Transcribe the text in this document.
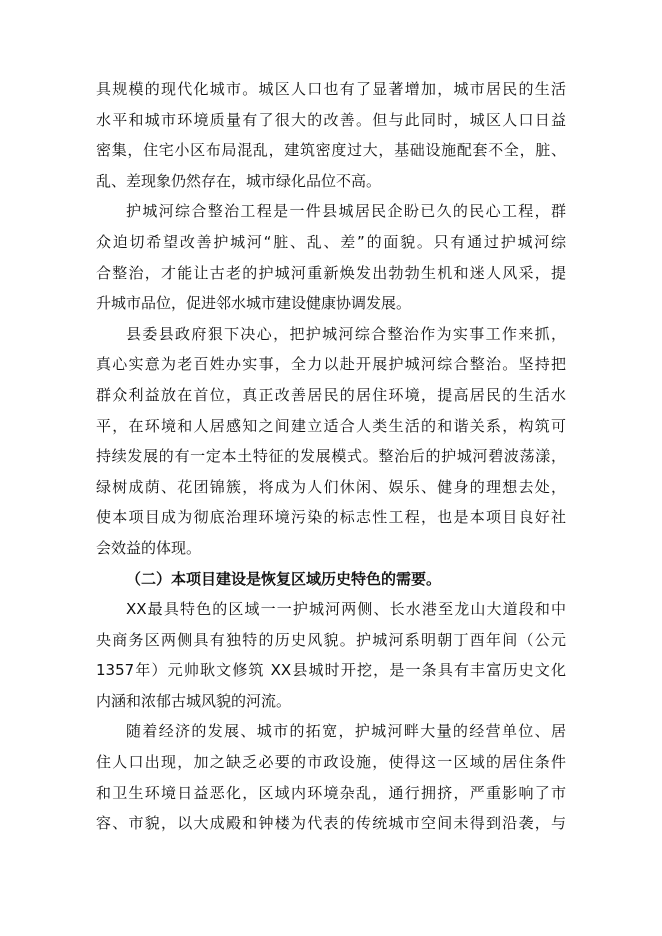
具规模的现代化城市。城区人口也有了显著增加，城市居民的生活
水平和城市环境质量有了很大的改善。但与此同时，城区人口日益
密集，住宅小区布局混乱，建筑密度过大，基础设施配套不全，脏、
乱、差现象仍然存在，城市绿化品位不高。
护城河综合整治工程是一件县城居民企盼已久的民心工程，群
众迫切希望改善护城河“脏、乱、差”的面貌。只有通过护城河综
合整治，才能让古老的护城河重新焕发出勃勃生机和迷人风采，提
升城市品位，促进邻水城市建设健康协调发展。
县委县政府狠下决心，把护城河综合整治作为实事工作来抓，
真心实意为老百姓办实事，全力以赴开展护城河综合整治。坚持把
群众利益放在首位，真正改善居民的居住环境，提高居民的生活水
平，在环境和人居感知之间建立适合人类生活的和谐关系，构筑可
持续发展的有一定本土特征的发展模式。整治后的护城河碧波荡漾，
绿树成荫、花团锦簇，将成为人们休闲、娱乐、健身的理想去处，
使本项目成为彻底治理环境污染的标志性工程，也是本项目良好社
会效益的体现。
（二）本项目建设是恢复区域历史特色的需要。
XX最具特色的区域一一护城河两侧、长水港至龙山大道段和中
央商务区两侧具有独特的历史风貌。护城河系明朝丁酉年间（公元
1357年）元帅耿文修筑 XX县城时开挖，是一条具有丰富历史文化
内涵和浓郁古城风貌的河流。
随着经济的发展、城市的拓宽，护城河畔大量的经营单位、居
住人口出现，加之缺乏必要的市政设施，使得这一区域的居住条件
和卫生环境日益恶化，区域内环境杂乱，通行拥挤，严重影响了市
容、市貌，以大成殿和钟楼为代表的传统城市空间未得到沿袭，与
